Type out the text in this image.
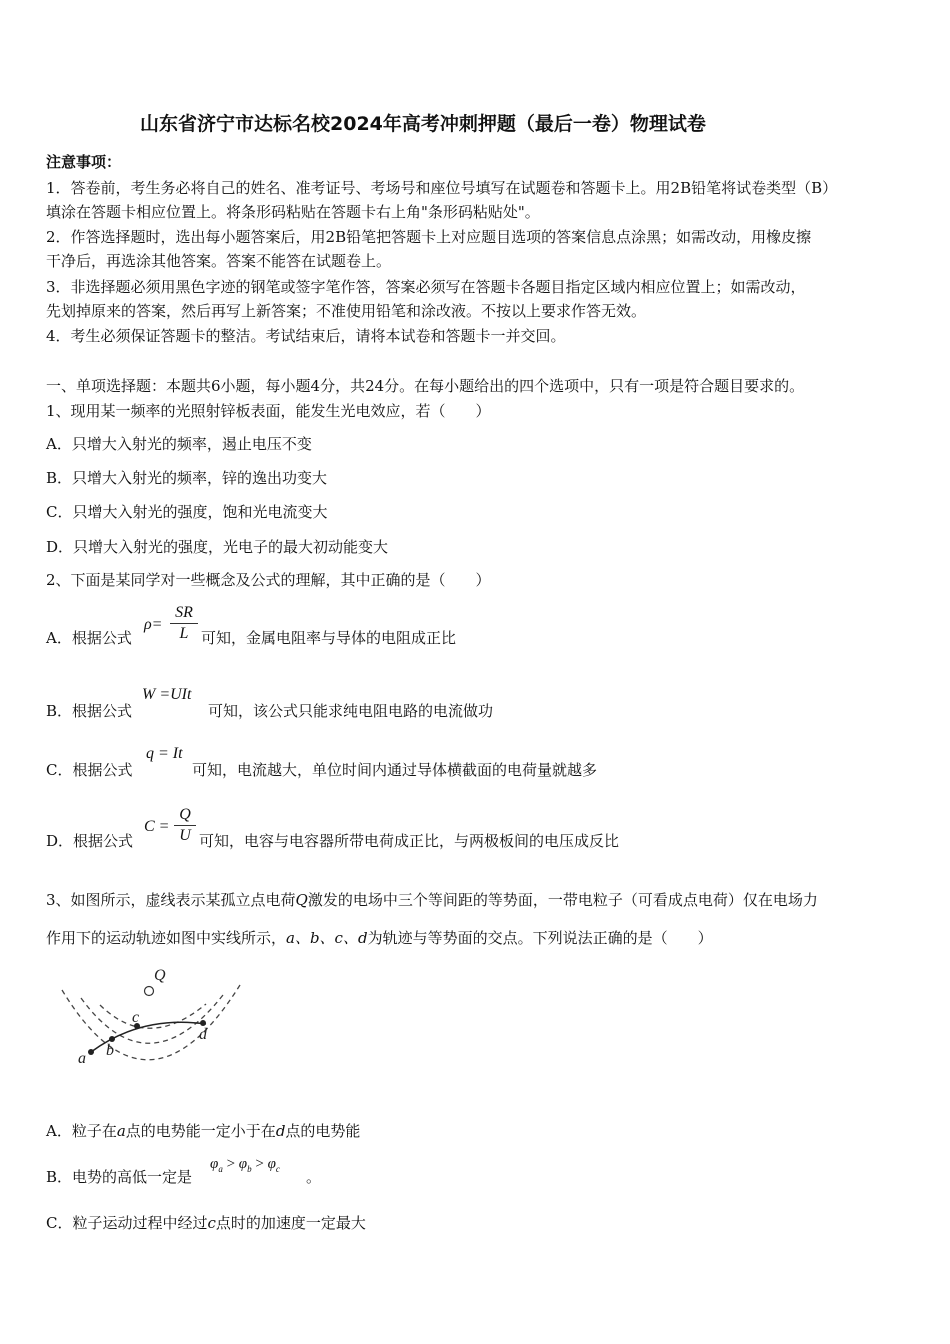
山东省济宁市达标名校2024年高考冲刺押题（最后一卷）物理试卷
注意事项：
1．答卷前，考生务必将自己的姓名、准考证号、考场号和座位号填写在试题卷和答题卡上。用2B铅笔将试卷类型（B）
填涂在答题卡相应位置上。将条形码粘贴在答题卡右上角"条形码粘贴处"。
2．作答选择题时，选出每小题答案后，用2B铅笔把答题卡上对应题目选项的答案信息点涂黑；如需改动，用橡皮擦
干净后，再选涂其他答案。答案不能答在试题卷上。
3．非选择题必须用黑色字迹的钢笔或签字笔作答，答案必须写在答题卡各题目指定区域内相应位置上；如需改动，
先划掉原来的答案，然后再写上新答案；不准使用铅笔和涂改液。不按以上要求作答无效。
4．考生必须保证答题卡的整洁。考试结束后，请将本试卷和答题卡一并交回。
一、单项选择题：本题共6小题，每小题4分，共24分。在每小题给出的四个选项中，只有一项是符合题目要求的。
1、现用某一频率的光照射锌板表面，能发生光电效应，若（　　）
A．只增大入射光的频率，遏止电压不变
B．只增大入射光的频率，锌的逸出功变大
C．只增大入射光的强度，饱和光电流变大
D．只增大入射光的强度，光电子的最大初动能变大
2、下面是某同学对一些概念及公式的理解，其中正确的是（　　）
A．根据公式
ρ=
SR
L 可知，金属电阻率与导体的电阻成正比
B．根据公式
W =UIt
可知，该公式只能求纯电阻电路的电流做功
C．根据公式
q = It
可知，电流越大，单位时间内通过导体横截面的电荷量就越多
D．根据公式
C =
Q
U 可知，电容与电容器所带电荷成正比，与两极板间的电压成反比
3、如图所示，虚线表示某孤立点电荷Q激发的电场中三个等间距的等势面，一带电粒子（可看成点电荷）仅在电场力
作用下的运动轨迹如图中实线所示，a、b、c、d为轨迹与等势面的交点。下列说法正确的是（　　）
Q
a b
c
d
A．粒子在a点的电势能一定小于在d点的电势能
B．电势的高低一定是
$\varphi_a > \varphi_b > \varphi_c$ 。
C．粒子运动过程中经过c点时的加速度一定最大
